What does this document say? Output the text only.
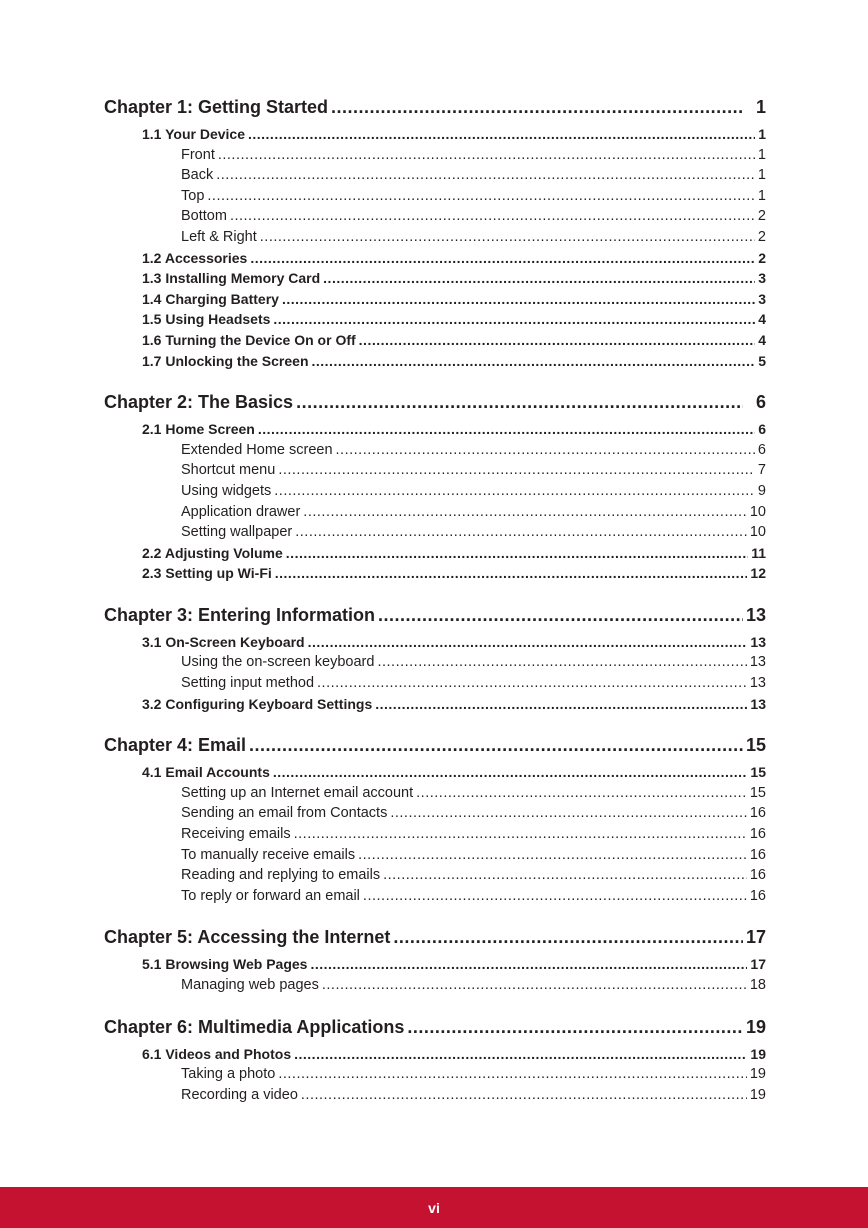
Chapter 1: Getting Started .....	1
1.1 Your Device .....	1
Front .....	1
Back .....	1
Top .....	1
Bottom .....	2
Left & Right .....	2
1.2 Accessories .....	2
1.3 Installing Memory Card .....	3
1.4 Charging Battery .....	3
1.5 Using Headsets .....	4
1.6 Turning the Device On or Off .....	4
1.7 Unlocking the Screen .....	5
Chapter 2: The Basics .....	6
2.1 Home Screen .....	6
Extended Home screen .....	6
Shortcut menu .....	7
Using widgets .....	9
Application drawer .....	10
Setting wallpaper .....	10
2.2 Adjusting Volume .....	11
2.3 Setting up Wi-Fi .....	12
Chapter 3: Entering Information .....	13
3.1 On-Screen Keyboard .....	13
Using the on-screen keyboard .....	13
Setting input method .....	13
3.2 Configuring Keyboard Settings .....	13
Chapter 4: Email .....	15
4.1 Email Accounts .....	15
Setting up an Internet email account .....	15
Sending an email from Contacts .....	16
Receiving emails .....	16
To manually receive emails .....	16
Reading and replying to emails .....	16
To reply or forward an email .....	16
Chapter 5: Accessing the Internet .....	17
5.1 Browsing Web Pages .....	17
Managing web pages .....	18
Chapter 6: Multimedia Applications .....	19
6.1 Videos and Photos .....	19
Taking a photo .....	19
Recording a video .....	19
vi
